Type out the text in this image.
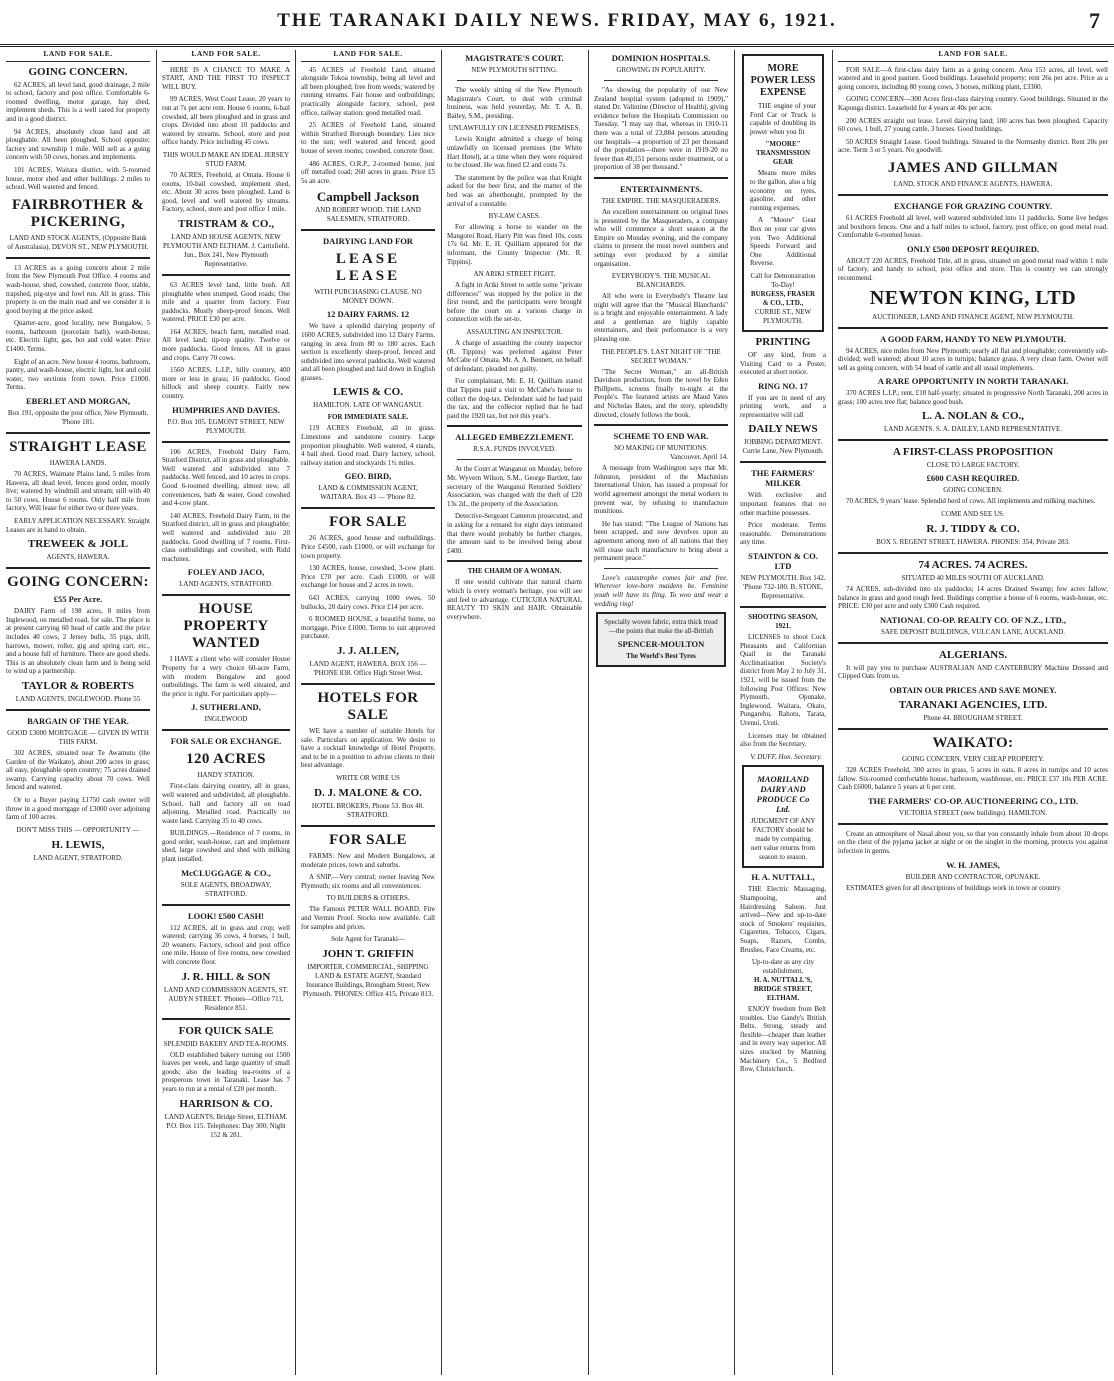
THE TARANAKI DAILY NEWS. FRIDAY, MAY 6, 1921.	7
LAND FOR SALE.
GOING CONCERN.

62 ACRES, all level land, good drainage, 2 mile to school, factory and post office. Comfortable 6-roomed dwelling, motor garage, hay shed, implement sheds. This is a well cared for property and in a good district.

94 ACRES, absolutely clean land and all ploughable. All been ploughed. School opposite; factory and township 1 mile. Will sell as a going concern with 50 cows, horses and implements.

101 ACRES, Waitara district, with 5-roomed house, motor shed and other buildings. 2 miles to school. Well watered and fenced.

FAIRBROTHER & PICKERING,
LAND AND STOCK AGENTS, (Opposite Bank of Australasia), DEVON ST., NEW PLYMOUTH.

13 ACRES as a going concern about 2 mile from the New Plymouth Post Office. 4 rooms and wash-house, shed, cowshed, concrete floor, stable, trapshed, pig-stye and fowl run. All in grass. This property is on the main road and we consider it is good buying at the price asked.

Quarter-acre, good locality, new Bungalow, 5 rooms, bathroom (porcelain bath), wash-house, etc. Electric light, gas, hot and cold water. Price £1400. Terms.

Eight of an acre. New house 4 rooms, bathroom, pantry, and wash-house, electric light, hot and cold water, two sections from town. Price £1000. Terms.

EBERLET AND MORGAN,
Box 191, opposite the post office, New Plymouth. 'Phone 181.
STRAIGHT LEASE
HAWERA LANDS.

70 ACRES, Waimate Plains land, 5 miles from Hawera, all dead level, fences good order, mostly live; watered by windmill and stream; still with 40 to 50 cows. House 6 rooms. Only half mile from factory. Will lease for either two or three years.

EARLY APPLICATION NECESSARY. Straight Leases are in hand to obtain.

TREWEEK & JOLL
AGENTS, HAWERA.
GOING CONCERN:
£55 Per Acre.

DAIRY Farm of 198 acres, 8 miles from Inglewood, on metalled road, for sale. The place is at present carrying 60 head of cattle and the price includes 40 cows, 2 Jersey bulls, 35 pigs, drill, harrows, mower, roller, gig and spring cart, etc., and a house full of furniture. There are good sheds. This is an absolutely clean farm and is being sold to wind up a partnership.

TAYLOR & ROBERTS
LAND AGENTS, INGLEWOOD. Phone 55
BARGAIN OF THE YEAR.
GOOD £3000 MORTGAGE — GIVEN IN WITH THIS FARM.

302 ACRES, situated near Te Awamutu (the Garden of the Waikato), about 200 acres in grass; all easy, ploughable open country; 75 acres drained swamp. Carrying capacity about 70 cows. Well fenced and watered.

Or to a Buyer paying £1750 cash owner will throw in a good mortgage of £3000 over adjoining farm of 100 acres.

DON'T MISS THIS — OPPORTUNITY —
H. LEWIS,
LAND AGENT, STRATFORD.
LAND FOR SALE.

HERE IS A CHANCE TO MAKE A START, AND THE FIRST TO INSPECT WILL BUY.

99 ACRES, West Coast Lease, 20 years to run at 7s per acre rent. House 6 rooms, 6-bail cowshed, all been ploughed and in grass and crops. Divided into about 10 paddocks and watered by streams. School, store and post office handy. Price including 45 cows.

THIS WOULD MAKE AN IDEAL JERSEY STUD FARM.

70 ACRES, Freehold, at Omata. House 6 rooms, 10-bail cowshed, implement shed, etc. About 30 acres been ploughed. Land is good, level and well watered by streams. Factory, school, store and post office 1 mile.

TRISTRAM & CO.,
LAND AND HOUSE AGENTS, NEW PLYMOUTH AND ELTHAM. J. Cartisfield, Jun., Box 241, New Plymouth Representative.

63 ACRES level land, little bush. All ploughable when stumped. Good roads; One mile and a quarter from factory. Four paddocks. Mostly sheep-proof fences. Well watered. PRICE £30 per acre.

164 ACRES, beach farm, metalled road. All level land; tip-top quality. Twelve or more paddocks. Good fences. All in grass and crops. Carry 70 cows.

1560 ACRES, L.I.P., hilly country, 400 more or less in grass; 16 paddocks. Good hillock and sheep country. Fairly new country.

HUMPHRIES AND DAVIES.
P.O. Box 105. EGMONT STREET, NEW PLYMOUTH.

106 ACRES, Freehold Dairy Farm, Stratford District, all in grass and ploughable. Well watered and subdivided into 7 paddocks. Well fenced, and 10 acres in crops. Good 6-roomed dwelling, almost new, all conveniences, bath & water, Good cowshed and 4-cow plant.

140 ACRES, Freehold Dairy Farm, in the Stratford district, all in grass and ploughable; well watered and subdivided into 20 paddocks. Good dwelling of 7 rooms. First-class outbuildings and cowshed, with Ridd machines.

FOLEY AND JACO,
LAND AGENTS, STRATFORD.
HOUSE PROPERTY WANTED

I HAVE a client who will consider House Property for a very choice 60-acre Farm, with modern Bungalow and good outbuildings. The farm is well situated, and the price is right. For particulars apply—

J. SUTHERLAND,
INGLEWOOD
FOR SALE OR EXCHANGE.
120 ACRES
HANDY STATION.

First-class dairying country, all in grass, well watered and subdivided, all ploughable. School, hall and factory all on road adjoining. Metalled road. Practically no waste land. Carrying 35 to 40 cows.

BUILDINGS.—Residence of 7 rooms, in good order, wash-house, cart and implement shed, large cowshed and shed with milking plant installed.

McCLUGGAGE & CO.,
SOLE AGENTS, BROADWAY, STRATFORD.
LOOK! £500 CASH!

112 ACRES, all in grass and crop; well watered; carrying 36 cows, 4 horses, 1 bull, 20 weaners. Factory, school and post office one mile. House of five rooms, new cowshed with concrete floor.

J. R. HILL & SON
LAND AND COMMISSION AGENTS, ST. AUBYN STREET. 'Phones—Office 711, Residence 851.
FOR QUICK SALE
SPLENDID BAKERY AND TEA-ROOMS.

OLD established bakery turning out 1500 loaves per week, and large quantity of small goods; also the leading tea-rooms of a prosperous town in Taranaki. Lease has 7 years to run at a rental of £20 per month.

HARRISON & CO.
LAND AGENTS, Bridge Street, ELTHAM. P.O. Box 115. Telephones: Day 300; Night 152 & 281.
LAND FOR SALE.

45 ACRES of Freehold Land, situated alongside Tokoa township, being all level and all been ploughed; free from weeds; watered by running streams. Fair house and outbuildings; practically alongside factory, school, post office, railway station; good metalled road.

25 ACRES of Freehold Land, situated within Stratford Borough boundary. Lies nice to the sun; well watered and fenced; good house of seven rooms; cowshed, concrete floor.

486 ACRES, O.R.P., 2-roomed house, just off metalled road; 260 acres in grass. Price £5 5s an acre.

Campbell Jackson
AND ROBERT WOOD. THE LAND SALESMEN, STRATFORD.
DAIRYING LAND FOR
LEASE LEASE
WITH PURCHASING CLAUSE. NO MONEY DOWN.
12 DAIRY FARMS. 12

We have a splendid dairying property of 1600 ACRES, subdivided into 12 Dairy Farms, ranging in area from 80 to 180 acres. Each section is excellently sheep-proof, fenced and subdivided into several paddocks. Well watered and all been ploughed and laid down in English grasses.

LEWIS & CO.
HAMILTON. LATE OF WANGANUI.
FOR IMMEDIATE SALE.

119 ACRES Freehold, all in grass. Limestone and sandstone country. Large proportion ploughable. Well watered, 4 stands, 4 bail shed. Good road. Dairy factory, school, railway station and stockyards 1½ miles.

GEO. BIRD,
LAND & COMMISSION AGENT, WAITARA. Box 43 — 'Phone 82.
FOR SALE

26 ACRES, good house and outbuildings. Price £4500, cash £1000, or will exchange for town property.

130 ACRES, house, cowshed, 3-cow plant. Price £70 per acre. Cash £1000, or will exchange for house and 2 acres in town.

643 ACRES, carrying 1000 ewes, 50 bullocks, 20 dairy cows. Price £14 per acre.

6 ROOMED HOUSE, a beautiful home, no mortgage. Price £1000. Terms to suit approved purchaser.

J. J. ALLEN,
LAND AGENT, HAWERA. BOX 156 — 'PHONE 838. Office High Street West.
HOTELS FOR SALE

WE have a number of suitable Hotels for sale. Particulars on application. We desire to have a cocktail knowledge of Hotel Property, and to be in a position to advise clients to their best advantage.

WRITE OR WIRE US
D. J. MALONE & CO.
HOTEL BROKERS, Phone 53. Box 48. STRATFORD.
FOR SALE

FARMS: New and Modern Bungalows, at moderate prices, town and suburbs.

A SNIP.—Very central; owner leaving New Plymouth; six rooms and all conveniences.

TO BUILDERS & OTHERS.

The Famous PETER WALL BOARD, Fire and Vermin Proof. Stocks now available. Call for samples and prices.

Sole Agent for Taranaki—
JOHN T. GRIFFIN
IMPORTER, COMMERCIAL, SHIPPING LAND & ESTATE AGENT, Standard Insurance Buildings, Brougham Street, New Plymouth. 'PHONES: Office 415, Private 813.
MAGISTRATE'S COURT.
NEW PLYMOUTH SITTING.

The weekly sitting of the New Plymouth Magistrate's Court, to deal with criminal business, was held yesterday, Mr. T. A. B. Bailey, S.M., presiding.

UNLAWFULLY ON LICENSED PREMISES.

Lewis Knight admitted a charge of being unlawfully on licensed premises (the White Hart Hotel), at a time when they were required to be closed. He was fined £2 and costs 7s.

The statement by the police was that Knight asked for the beer first, and the matter of the bed was an afterthought, prompted by the arrival of a constable.

BY-LAW CASES.

For allowing a horse to wander on the Mangorei Road, Harry Pitt was fined 10s, costs 17s 6d. Mr. E. H. Quilliam appeared for the informant, the County Inspector (Mr. R. Tippins).

AN ARIKI STREET FIGHT.

A fight in Ariki Street to settle some "private differences" was stopped by the police in the first round, and the participants were brought before the court on a various charge in connection with the set-to.

ASSAULTING AN INSPECTOR.

A charge of assaulting the county inspector (R. Tippins) was preferred against Peter McCabe of Omata. Mr. A. A. Bennett, on behalf of defendant, pleaded not guilty.

For complainant, Mr. E. H. Quilliam stated that Tippins paid a visit to McCabe's house to collect the dog-tax. Defendant said he had paid the tax, and the collector replied that he had paid the 1920 tax, but not this year's.

ALLEGED EMBEZZLEMENT.
R.S.A. FUNDS INVOLVED.

At the Court at Wanganui on Monday, before Mr. Wyvern Wilson, S.M., George Bartlett, late secretary of the Wanganui Returned Soldiers' Association, was charged with the theft of £20 13s 2d., the property of the Association.

Detective-Sergeant Cameron prosecuted, and in asking for a remand for eight days intimated that there would probably be further charges, the amount said to be involved being about £400.

THE CHARM OF A WOMAN.

If one would cultivate that natural charm which is every woman's heritage, you will see and feel to advantage. CUTICURA NATURAL BEAUTY TO SKIN and HAIR. Obtainable everywhere.

DOMINION HOSPITALS.
GROWING IN POPULARITY.

"As showing the popularity of our New Zealand hospital system (adopted in 1909)," stated Dr. Valintine (Director of Health), giving evidence before the Hospitals Commission on Tuesday, "I may say that, whereas in 1910-11 there was a total of 23,884 persons attending our hospitals—a proportion of 23 per thousand of the population—there were in 1919-20 no fewer than 49,151 persons under treatment, or a proportion of 38 per thousand."

ENTERTAINMENTS.
THE EMPIRE. THE MASQUERADERS.

An excellent entertainment on original lines is presented by the Masqueraders, a company who will commence a short season at the Empire on Monday evening, and the company claims to present the most novel numbers and settings ever produced by a similar organisation.

EVERYBODY'S. THE MUSICAL BLANCHARDS.

All who were in Everybody's Theatre last night will agree that the "Musical Blanchards" is a bright and enjoyable entertainment. A lady and a gentleman are highly capable entertainers, and their performance is a very pleasing one.

THE PEOPLE'S. LAST NIGHT OF "THE SECRET WOMAN."

"The Secret Woman," an all-British Davidson production, from the novel by Eden Phillpotts, screens finally to-night at the People's. The featured artists are Maud Yates and Nicholas Bates, and the story, splendidly directed, closely follows the book.

SCHEME TO END WAR.
NO MAKING OF MUNITIONS.
Vancouver, April 14.

A message from Washington says that Mr. Johnston, president of the Machinists International Union, has issued a proposal for world agreement amongst the metal workers to prevent war, by refusing to manufacture munitions.

He has stated: "The League of Nations has been scrapped, and now devolves upon an agreement among men of all nations that they will cease such manufacture to bring about a permanent peace."

Love's catastrophe comes fair and free. Wherever love-born maidens be. Feminine youth will have its fling. To woo and wear a wedding ring!

Specially woven fabric, extra thick tread—the points that make the all-British
SPENCER-MOULTON
The World's Best Tyres
MORE POWER LESS EXPENSE

THE engine of your Ford Car or Truck is capable of doubling its power when you fit

"MOORE" TRANSMISSION GEAR

Means more miles to the gallon, also a big economy on tyres, gasoline, and other running expenses.

A "Moore" Gear Box on your car gives you Two Additional Speeds Forward and One Additional Reverse.

Call for Demonstration To-Day!
BURGESS, FRASER & CO., LTD.,
CURRIE ST., NEW PLYMOUTH.
PRINTING

OF any kind, from a Visiting Card to a Poster, executed at short notice.

RING NO. 17

If you are in need of any printing work, and a representative will call

DAILY NEWS
JOBBING DEPARTMENT. Currie Lane, New Plymouth.
THE FARMERS' MILKER

With exclusive and important features that no other machine possesses.

Price moderate. Terms reasonable. Demonstrations any time.

STAINTON & CO. LTD
NEW PLYMOUTH. Box 142. 'Phone 732-180. B. STONE, Representative.
SHOOTING SEASON, 1921.

LICENSES to shoot Cock Pheasants and Californian Quail in the Taranaki Acclimatisation Society's district from May 2 to July 31, 1921, will be issued from the following Post Offices: New Plymouth, Opunake, Inglewood, Waitara, Okato, Pungarehu, Rahotu, Tarata, Urenui, Uruti.

Licenses may be obtained also from the Secretary.

V. DUFF, Hon. Secretary.
MAORILAND DAIRY AND PRODUCE Co Ltd.
JUDGMENT OF ANY FACTORY should be made by comparing nett value returns from season to season.
H. A. NUTTALL,

THE Electric Massaging, Shampooing, and Hairdressing Saloon. Just arrived—New and up-to-date stock of Smokers' requisites, Cigarettes, Tobacco, Cigars, Soaps, Razors, Combs, Brushes, Face Creams, etc.

Up-to-date as any city establishment.
H. A. NUTTALL'S, BRIDGE STREET, ELTHAM.

ENJOY freedom from Belt troubles. Use Gandy's British Belts. Strong, steady and flexible—cheaper than leather and in every way superior. All sizes stocked by Manning Machinery Co., 5 Bedford Row, Christchurch.

LAND FOR SALE.

FOR SALE—A first-class dairy farm as a going concern. Area 153 acres, all level, well watered and in good pasture. Good buildings. Leasehold property; rent 26s per acre. Price as a going concern, including 80 young cows, 3 horses, milking plant, £3300.

GOING CONCERN—300 Acres first-class dairying country. Good buildings. Situated in the Kaponga district. Leasehold for 4 years at 40s per acre.

200 ACRES straight out lease. Level dairying land; 100 acres has been ploughed. Capacity 60 cows, 1 bull, 27 young cattle, 3 horses. Good buildings.

50 ACRES Straight Lease. Good buildings. Situated in the Normanby district. Rent 28s per acre. Term 3 or 5 years. No goodwill.

JAMES AND GILLMAN
LAND, STOCK AND FINANCE AGENTS, HAWERA.
EXCHANGE FOR GRAZING COUNTRY.

61 ACRES Freehold all level, well watered subdivided into 11 paddocks. Some live hedges and boxthorn fences. One and a half miles to school, factory, post office, on good metal road. Comfortable 6-roomed house.

ONLY £500 DEPOSIT REQUIRED.

ABOUT 220 ACRES, Freehold Title, all in grass, situated on good metal road within 1 mile of factory, and handy to school, post office and store. This is country we can strongly recommend.

NEWTON KING, LTD
AUCTIONEER, LAND AND FINANCE AGENT, NEW PLYMOUTH.
A GOOD FARM, HANDY TO NEW PLYMOUTH.

94 ACRES, nice miles from New Plymouth; nearly all flat and ploughable; conveniently sub-divided; well watered; about 10 acres in turnips; balance grass. A very clean farm. Owner will sell as going concern, with 54 head of cattle and all usual implements.

A RARE OPPORTUNITY IN NORTH TARANAKI.

370 ACRES L.I.P.; rent, £10 half-yearly; situated in progressive North Taranaki, 200 acres in grass; 100 acres tree flat; balance good bush.

L. A. NOLAN & CO.,
LAND AGENTS. S. A. DAILEY, LAND REPRESENTATIVE.
A FIRST-CLASS PROPOSITION
CLOSE TO LARGE FACTORY.
£600 CASH REQUIRED.
GOING CONCERN.

70 ACRES, 9 years' lease. Splendid herd of cows. All implements and milking machines.

COME AND SEE US.
R. J. TIDDY & CO.
BOX 5. REGENT STREET, HAWERA. PHONES: 354, Private 283.
74 ACRES. 74 ACRES.
SITUATED 40 MILES SOUTH OF AUCKLAND.

74 ACRES, sub-divided into six paddocks; 14 acres Drained Swamp; few acres fallow; balance in grass and good rough feed. Buildings comprise a house of 6 rooms, wash-house, etc. PRICE: £30 per acre and only £300 Cash required.

NATIONAL CO-OP. REALTY CO. OF N.Z., LTD.,
SAFE DEPOSIT BUILDINGS, VULCAN LANE, AUCKLAND.
ALGERIANS.

It will pay you to purchase AUSTRALIAN AND CANTERBURY Machine Dressed and Clipped Oats from us.

OBTAIN OUR PRICES AND SAVE MONEY.
TARANAKI AGENCIES, LTD.
Phone 44. BROUGHAM STREET.
WAIKATO:
GOING CONCERN. VERY CHEAP PROPERTY.

328 ACRES Freehold, 300 acres in grass, 5 acres in oats, 8 acres in turnips and 10 acres fallow. Six-roomed comfortable house, bathroom, washhouse, etc. PRICE £37 10s PER ACRE. Cash £6000, balance 5 years at 6 per cent.

THE FARMERS' CO-OP. AUCTIONEERING CO., LTD.
VICTORIA STREET (new buildings). HAMILTON.

Create an atmosphere of Nasal about you, so that you constantly inhale from about 10 drops on the chest of the pyjama jacket at night or on the singlet in the morning, protects you against infection in germs.

W. H. JAMES,
BUILDER AND CONTRACTOR, OPUNAKE.

ESTIMATES given for all descriptions of buildings work in town or country.
